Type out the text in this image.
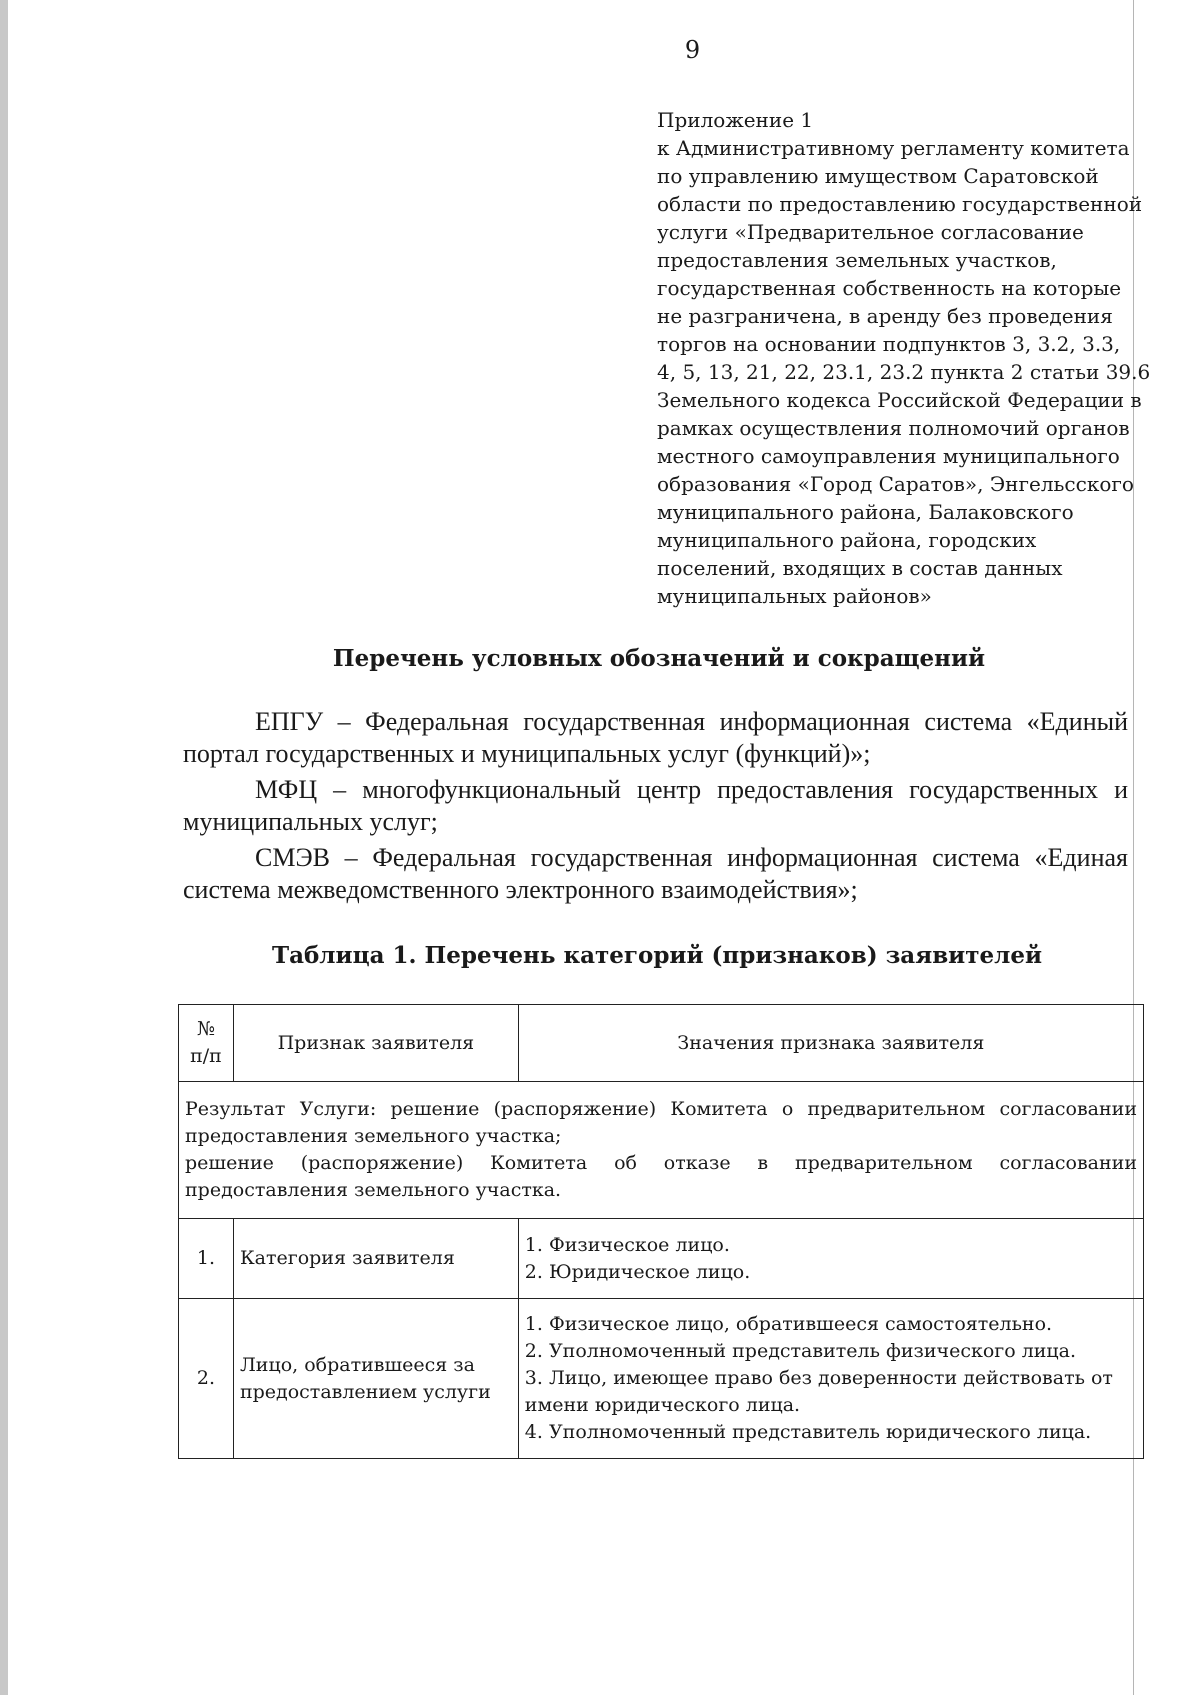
9
Приложение 1
к Административному регламенту комитета
по управлению имуществом Саратовской
области по предоставлению государственной
услуги «Предварительное согласование
предоставления земельных участков,
государственная собственность на которые
не разграничена, в аренду без проведения
торгов на основании подпунктов 3, 3.2, 3.3,
4, 5, 13, 21, 22, 23.1, 23.2 пункта 2 статьи 39.6
Земельного кодекса Российской Федерации в
рамках осуществления полномочий органов
местного самоуправления муниципального
образования «Город Саратов», Энгельсского
муниципального района, Балаковского
муниципального района, городских
поселений, входящих в состав данных
муниципальных районов»
Перечень условных обозначений и сокращений

ЕПГУ – Федеральная государственная информационная система «Единый портал государственных и муниципальных услуг (функций)»;

МФЦ – многофункциональный центр предоставления государственных и муниципальных услуг;

СМЭВ – Федеральная государственная информационная система «Единая система межведомственного электронного взаимодействия»;

Таблица 1. Перечень категорий (признаков) заявителей
№
п/п	Признак заявителя	Значения признака заявителя

Результат Услуги: решение (распоряжение) Комитета о предварительном согласовании
предоставления земельного участка;
решение (распоряжение) Комитета об отказе в предварительном согласовании
предоставления земельного участка.		

1.	Категория заявителя	1. Физическое лицо.
2. Юридическое лицо.

2.	Лицо, обратившееся за предоставлением услуги	1. Физическое лицо, обратившееся самостоятельно.
2. Уполномоченный представитель физического лица.
3. Лицо, имеющее право без доверенности действовать от имени юридического лица.
4. Уполномоченный представитель юридического лица.
